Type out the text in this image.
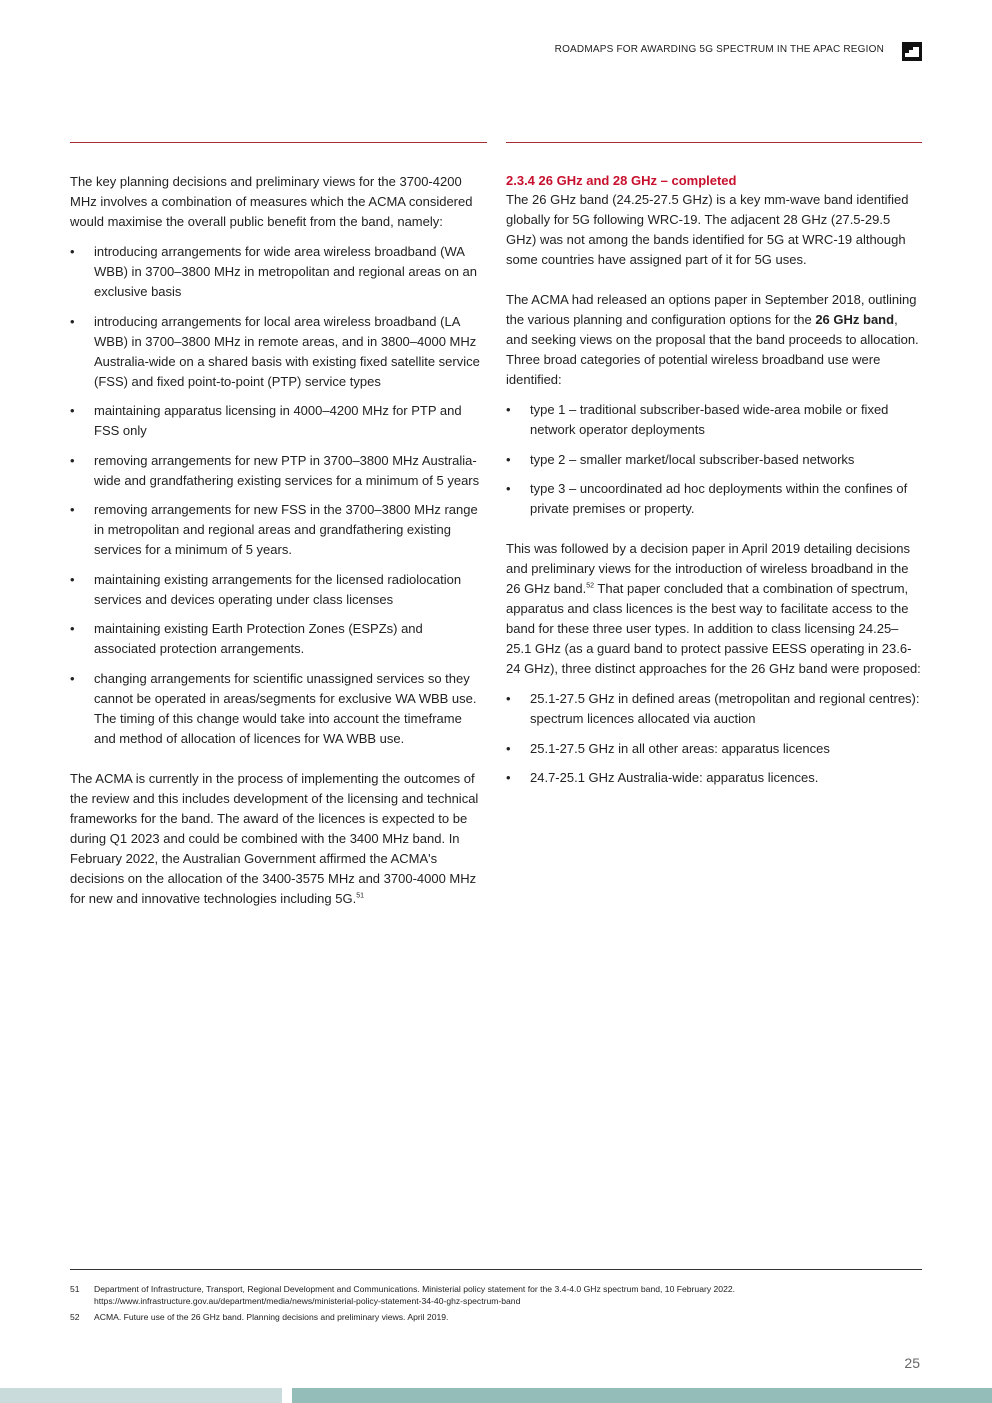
ROADMAPS FOR AWARDING 5G SPECTRUM IN THE APAC REGION

The key planning decisions and preliminary views for the 3700-4200 MHz involves a combination of measures which the ACMA considered would maximise the overall public benefit from the band, namely:

• introducing arrangements for wide area wireless broadband (WA WBB) in 3700–3800 MHz in metropolitan and regional areas on an exclusive basis
• introducing arrangements for local area wireless broadband (LA WBB) in 3700–3800 MHz in remote areas, and in 3800–4000 MHz Australia-wide on a shared basis with existing fixed satellite service (FSS) and fixed point-to-point (PTP) service types
• maintaining apparatus licensing in 4000–4200 MHz for PTP and FSS only
• removing arrangements for new PTP in 3700–3800 MHz Australia-wide and grandfathering existing services for a minimum of 5 years
• removing arrangements for new FSS in the 3700–3800 MHz range in metropolitan and regional areas and grandfathering existing services for a minimum of 5 years.
• maintaining existing arrangements for the licensed radiolocation services and devices operating under class licenses
• maintaining existing Earth Protection Zones (ESPZs) and associated protection arrangements.
• changing arrangements for scientific unassigned services so they cannot be operated in areas/segments for exclusive WA WBB use. The timing of this change would take into account the timeframe and method of allocation of licences for WA WBB use.

The ACMA is currently in the process of implementing the outcomes of the review and this includes development of the licensing and technical frameworks for the band. The award of the licences is expected to be during Q1 2023 and could be combined with the 3400 MHz band. In February 2022, the Australian Government affirmed the ACMA's decisions on the allocation of the 3400-3575 MHz and 3700-4000 MHz for new and innovative technologies including 5G.$^{51}$

2.3.4 26 GHz and 28 GHz – completed

The 26 GHz band (24.25-27.5 GHz) is a key mm-wave band identified globally for 5G following WRC-19. The adjacent 28 GHz (27.5-29.5 GHz) was not among the bands identified for 5G at WRC-19 although some countries have assigned part of it for 5G uses.

The ACMA had released an options paper in September 2018, outlining the various planning and configuration options for the 26 GHz band, and seeking views on the proposal that the band proceeds to allocation. Three broad categories of potential wireless broadband use were identified:

• type 1 – traditional subscriber-based wide-area mobile or fixed network operator deployments
• type 2 – smaller market/local subscriber-based networks
• type 3 – uncoordinated ad hoc deployments within the confines of private premises or property.

This was followed by a decision paper in April 2019 detailing decisions and preliminary views for the introduction of wireless broadband in the 26 GHz band.$^{52}$ That paper concluded that a combination of spectrum, apparatus and class licences is the best way to facilitate access to the band for these three user types. In addition to class licensing 24.25–25.1 GHz (as a guard band to protect passive EESS operating in 23.6-24 GHz), three distinct approaches for the 26 GHz band were proposed:

• 25.1-27.5 GHz in defined areas (metropolitan and regional centres): spectrum licences allocated via auction
• 25.1-27.5 GHz in all other areas: apparatus licences
• 24.7-25.1 GHz Australia-wide: apparatus licences.
51	Department of Infrastructure, Transport, Regional Development and Communications. Ministerial policy statement for the 3.4-4.0 GHz spectrum band, 10 February 2022. https://www.infrastructure.gov.au/department/media/news/ministerial-policy-statement-34-40-ghz-spectrum-band
52	ACMA. Future use of the 26 GHz band. Planning decisions and preliminary views. April 2019.
25
